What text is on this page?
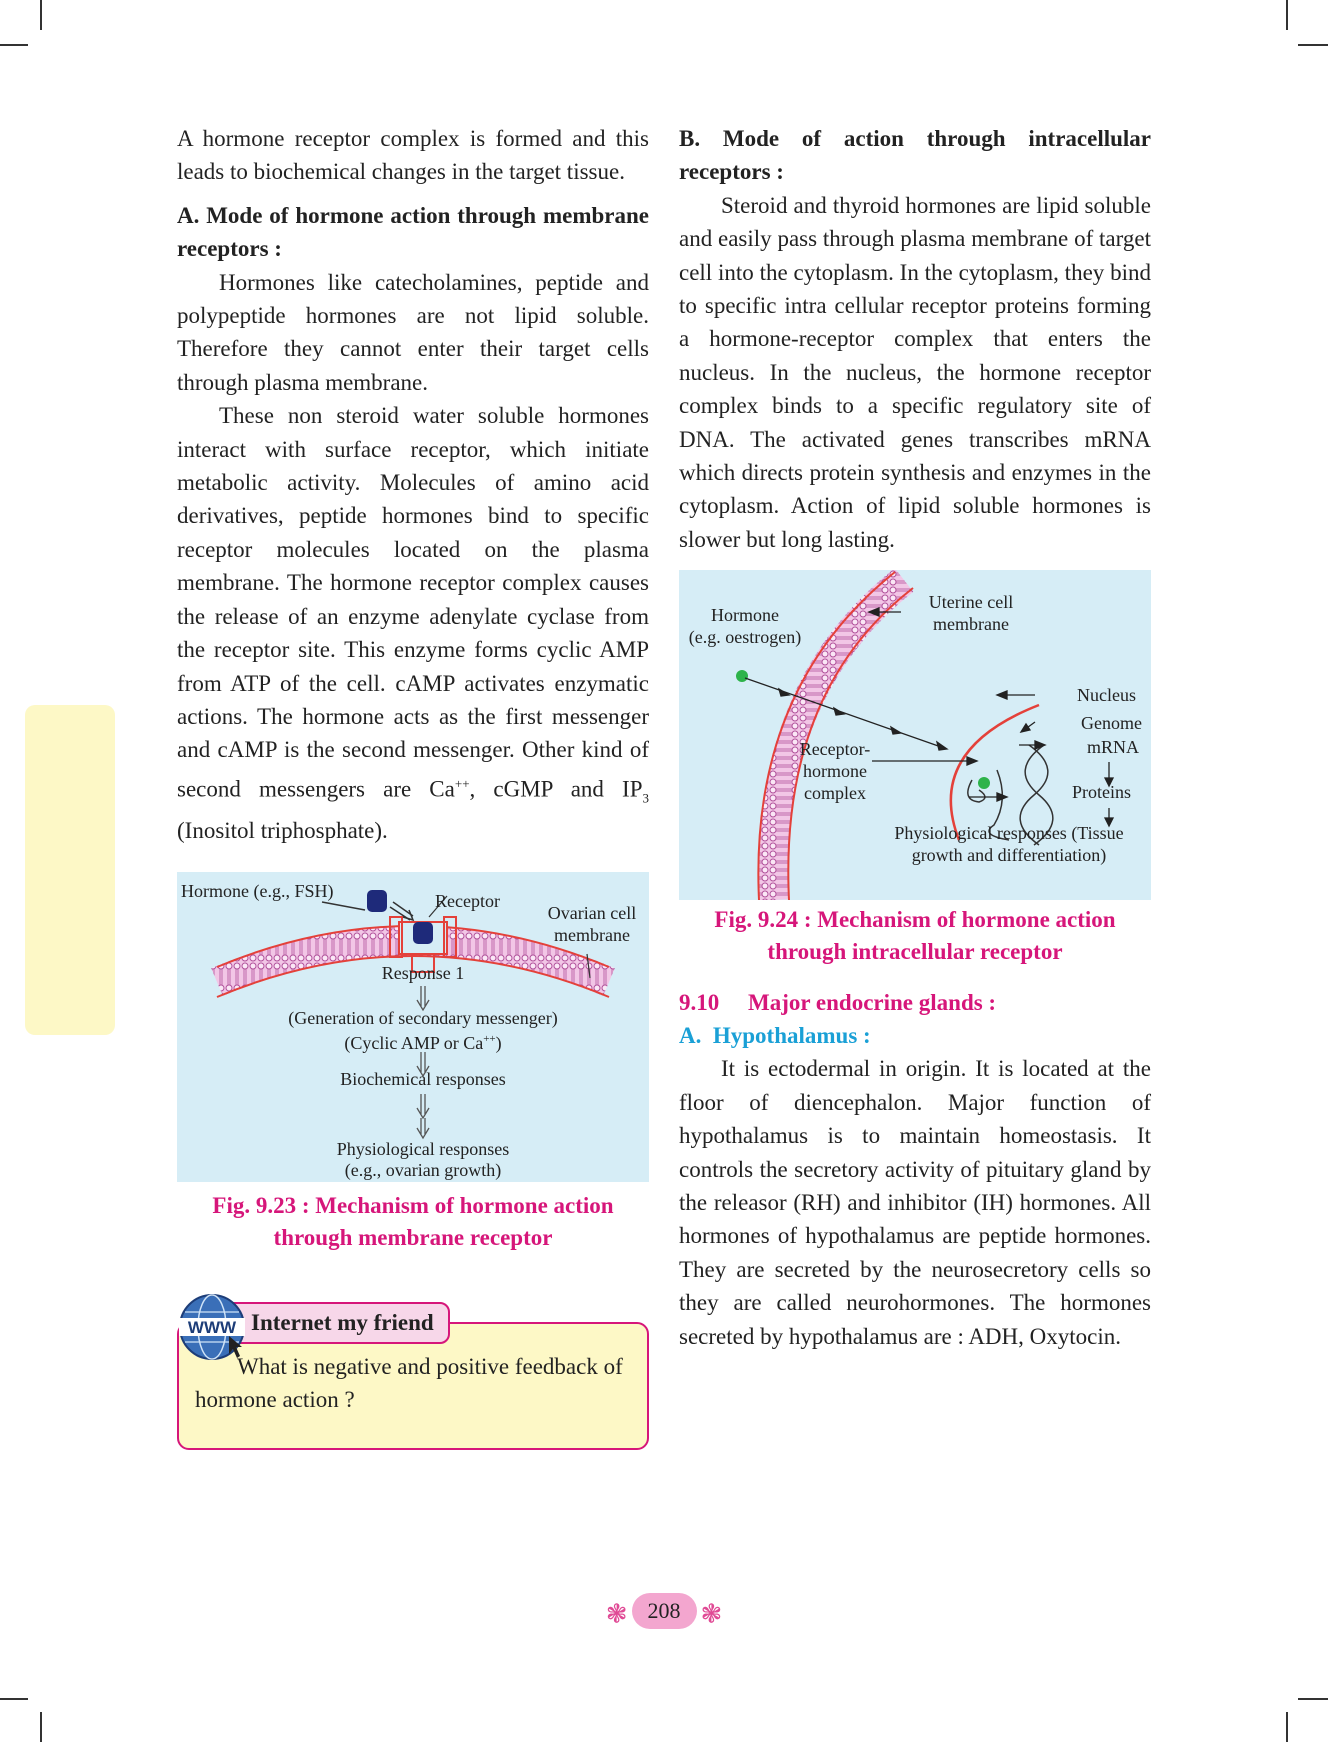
A hormone receptor complex is formed and this leads to biochemical changes in the target tissue.

A. Mode of hormone action through membrane receptors :

Hormones like catecholamines, peptide and polypeptide hormones are not lipid soluble. Therefore they cannot enter their target cells through plasma membrane.

These non steroid water soluble hormones interact with surface receptor, which initiate metabolic activity. Molecules of amino acid derivatives, peptide hormones bind to specific receptor molecules located on the plasma membrane. The hormone receptor complex causes the release of an enzyme adenylate cyclase from the receptor site. This enzyme forms cyclic AMP from ATP of the cell. cAMP activates enzymatic actions. The hormone acts as the first messenger and cAMP is the second messenger. Other kind of second messengers are Ca++, cGMP and $IP_3$ (Inositol triphosphate).

Hormone (e.g., FSH)	Receptor
Ovarian cell
membrane
Response 1
(Generation of secondary messenger)
(Cyclic AMP or Ca++)
Biochemical responses
Physiological responses
(e.g., ovarian growth)
Fig. 9.23 : Mechanism of hormone action
through membrane receptor
Internet my friend
WWW
What is negative and positive feedback of hormone action ?

B. Mode of action through intracellular receptors :

Steroid and thyroid hormones are lipid soluble and easily pass through plasma membrane of target cell into the cytoplasm. In the cytoplasm, they bind to specific intra cellular receptor proteins forming a hormone-receptor complex that enters the nucleus. In the nucleus, the hormone receptor complex binds to a specific regulatory site of DNA. The activated genes transcribes mRNA which directs protein synthesis and enzymes in the cytoplasm. Action of lipid soluble hormones is slower but long lasting.

Hormone
(e.g. oestrogen)
Uterine cell
membrane
Nucleus
Genome
mRNA
Proteins
Receptor-
hormone
complex
Physiological responses (Tissue
growth and differentiation)
Fig. 9.24 : Mechanism of hormone action
through intracellular receptor
9.10     Major endocrine glands :
A.  Hypothalamus :

It is ectodermal in origin. It is located at the floor of diencephalon. Major function of hypothalamus is to maintain homeostasis. It controls the secretory activity of pituitary gland by the releasor (RH) and inhibitor (IH) hormones. All hormones of hypothalamus are peptide hormones. They are secreted by the neurosecretory cells so they are called neurohormones. The hormones secreted by hypothalamus are : ADH, Oxytocin.

❃ 208 ❃
